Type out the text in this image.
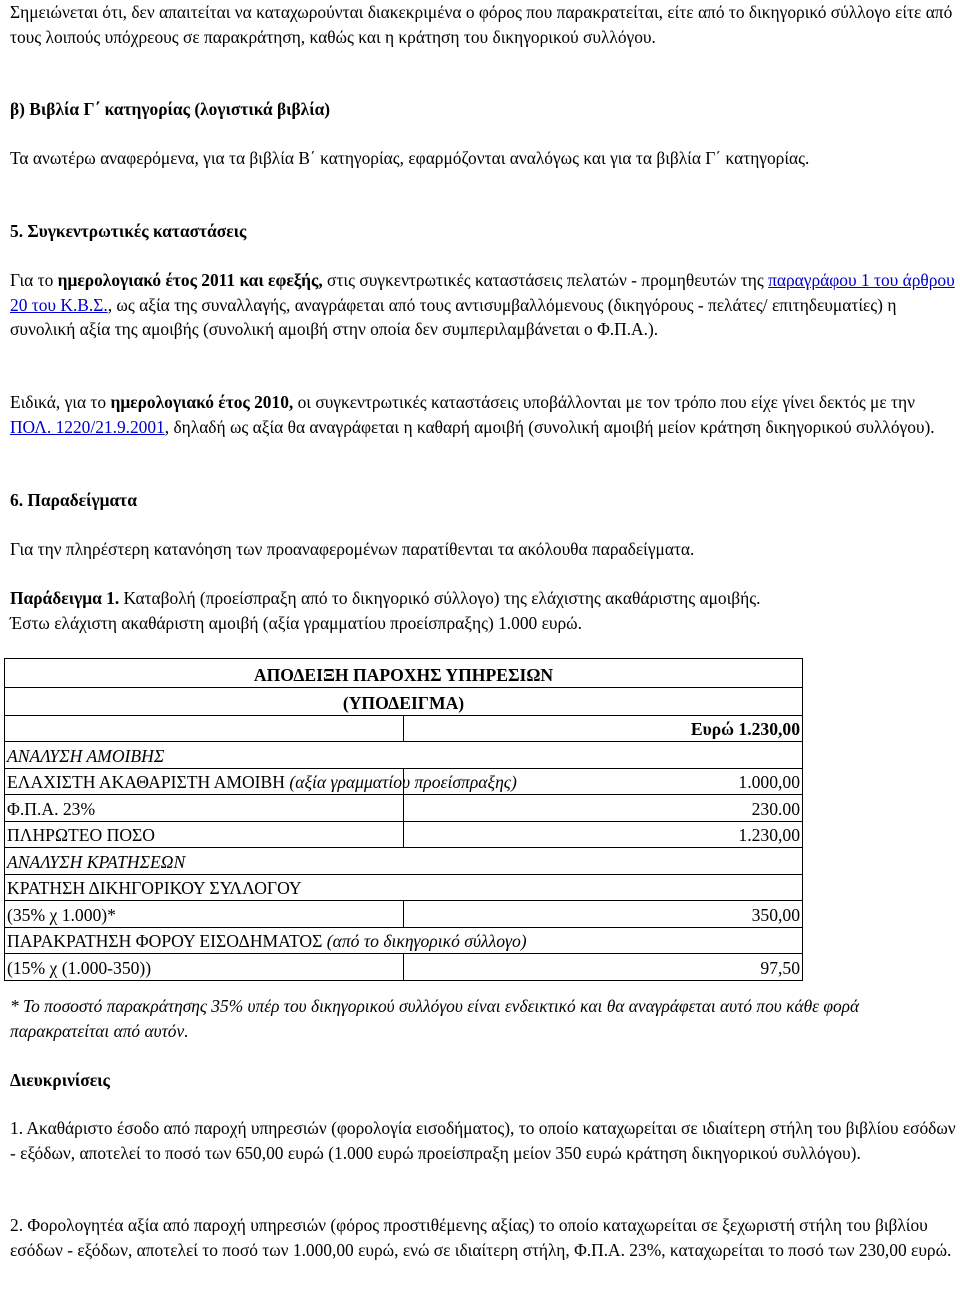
Σημειώνεται ότι, δεν απαιτείται να καταχωρούνται διακεκριμένα ο φόρος που παρακρατείται, είτε από το δικηγορικό σύλλογο είτε από τους λοιπούς υπόχρεους σε παρακράτηση, καθώς και η κράτηση του δικηγορικού συλλόγου.

β) Βιβλία Γ΄ κατηγορίας (λογιστικά βιβλία)

Τα ανωτέρω αναφερόμενα, για τα βιβλία Β΄ κατηγορίας, εφαρμόζονται αναλόγως και για τα βιβλία Γ΄ κατηγορίας.

5. Συγκεντρωτικές καταστάσεις

Για το ημερολογιακό έτος 2011 και εφεξής, στις συγκεντρωτικές καταστάσεις πελατών - προμηθευτών της παραγράφου 1 του άρθρου 20 του Κ.Β.Σ., ως αξία της συναλλαγής, αναγράφεται από τους αντισυμβαλλόμενους (δικηγόρους - πελάτες/ επιτηδευματίες) η συνολική αξία της αμοιβής (συνολική αμοιβή στην οποία δεν συμπεριλαμβάνεται ο Φ.Π.Α.).

Ειδικά, για το ημερολογιακό έτος 2010, οι συγκεντρωτικές καταστάσεις υποβάλλονται με τον τρόπο που είχε γίνει δεκτός με την ΠΟΛ. 1220/21.9.2001, δηλαδή ως αξία θα αναγράφεται η καθαρή αμοιβή (συνολική αμοιβή μείον κράτηση δικηγορικού συλλόγου).

6. Παραδείγματα

Για την πληρέστερη κατανόηση των προαναφερομένων παρατίθενται τα ακόλουθα παραδείγματα.

Παράδειγμα 1. Καταβολή (προείσπραξη από το δικηγορικό σύλλογο) της ελάχιστης ακαθάριστης αμοιβής.
Έστω ελάχιστη ακαθάριστη αμοιβή (αξία γραμματίου προείσπραξης) 1.000 ευρώ.

ΑΠΟΔΕΙΞΗ ΠΑΡΟΧΗΣ ΥΠΗΡΕΣΙΩΝ	
(ΥΠΟΔΕΙΓΜΑ)	
	Ευρώ 1.230,00
ΑΝΑΛΥΣΗ ΑΜΟΙΒΗΣ	
ΕΛΑΧΙΣΤΗ ΑΚΑΘΑΡΙΣΤΗ ΑΜΟΙΒΗ (αξία γραμματίου προείσπραξης)	1.000,00
Φ.Π.Α. 23%	230.00
ΠΛΗΡΩΤΕΟ ΠΟΣΟ	1.230,00
ΑΝΑΛΥΣΗ ΚΡΑΤΗΣΕΩΝ	
ΚΡΑΤΗΣΗ ΔΙΚΗΓΟΡΙΚΟΥ ΣΥΛΛΟΓΟΥ	
(35% χ 1.000)*	350,00
ΠΑΡΑΚΡΑΤΗΣΗ ΦΟΡΟΥ ΕΙΣΟΔΗΜΑΤΟΣ (από το δικηγορικό σύλλογο)	
(15% χ (1.000-350))	97,50

* Το ποσοστό παρακράτησης 35% υπέρ του δικηγορικού συλλόγου είναι ενδεικτικό και θα αναγράφεται αυτό που κάθε φορά παρακρατείται από αυτόν.

Διευκρινίσεις

1. Ακαθάριστο έσοδο από παροχή υπηρεσιών (φορολογία εισοδήματος), το οποίο καταχωρείται σε ιδιαίτερη στήλη του βιβλίου εσόδων - εξόδων, αποτελεί το ποσό των 650,00 ευρώ (1.000 ευρώ προείσπραξη μείον 350 ευρώ κράτηση δικηγορικού συλλόγου).

2. Φορολογητέα αξία από παροχή υπηρεσιών (φόρος προστιθέμενης αξίας) το οποίο καταχωρείται σε ξεχωριστή στήλη του βιβλίου εσόδων - εξόδων, αποτελεί το ποσό των 1.000,00 ευρώ, ενώ σε ιδιαίτερη στήλη, Φ.Π.Α. 23%, καταχωρείται το ποσό των 230,00 ευρώ.
